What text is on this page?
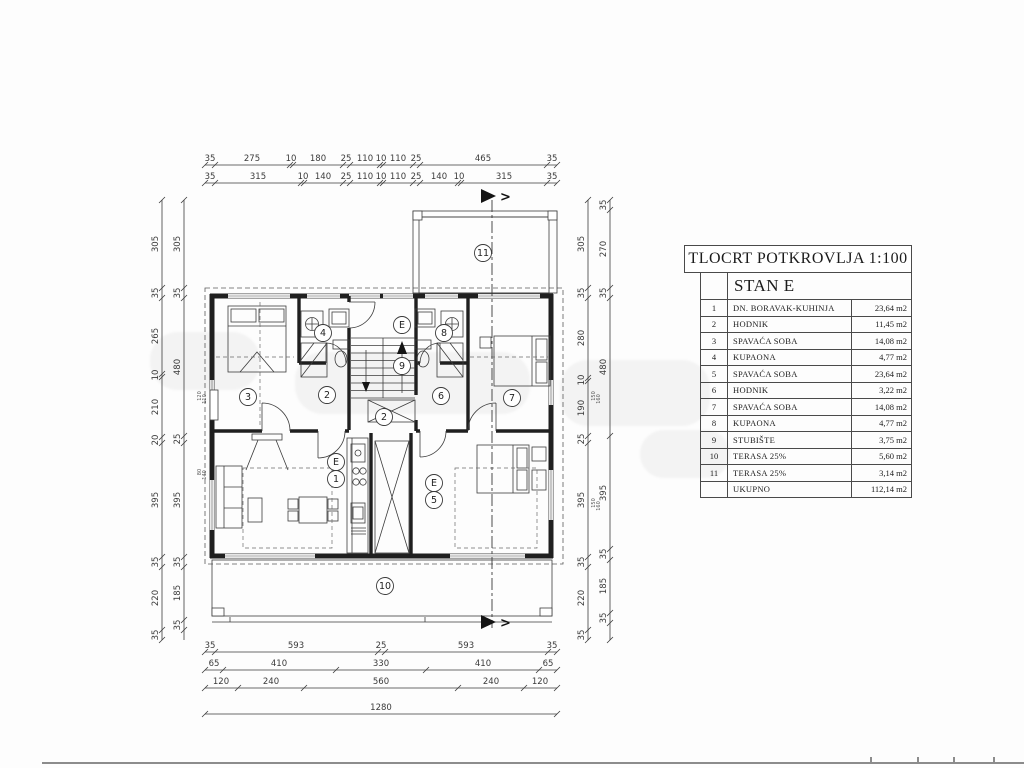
>
>
35	275	10 180 25 110 10 110 25	465	35
35	315	10 140 25 110 10 110 25 140 10	315	35
35	593	25	593	35
65	410	330	410	65
120	240	560	240	120
1280
305
35
265
10
210
20
395
35
220
35
305
35
480
25
395
35
185
35
305
35
280
10
190
25
395
35
220
35
35
270
35
480
395
35
185
35
11
4
E
8
3	2
9
6	7
2
E
1	E
5
10
120 110
80 140
150 160
150 160
TLOCRT POTKROVLJA 1:100
	STAN E	
1	DN. BORAVAK-KUHINJA	23,64 m2
2	HODNIK	11,45 m2
3	SPAVAĆA SOBA	14,08 m2
4	KUPAONA	4,77 m2
5	SPAVAĆA SOBA	23,64 m2
6	HODNIK	3,22 m2
7	SPAVAĆA SOBA	14,08 m2
8	KUPAONA	4,77 m2
9	STUBIŠTE	3,75 m2
10	TERASA 25%	5,60 m2
11	TERASA 25%	3,14 m2
	UKUPNO	112,14 m2
